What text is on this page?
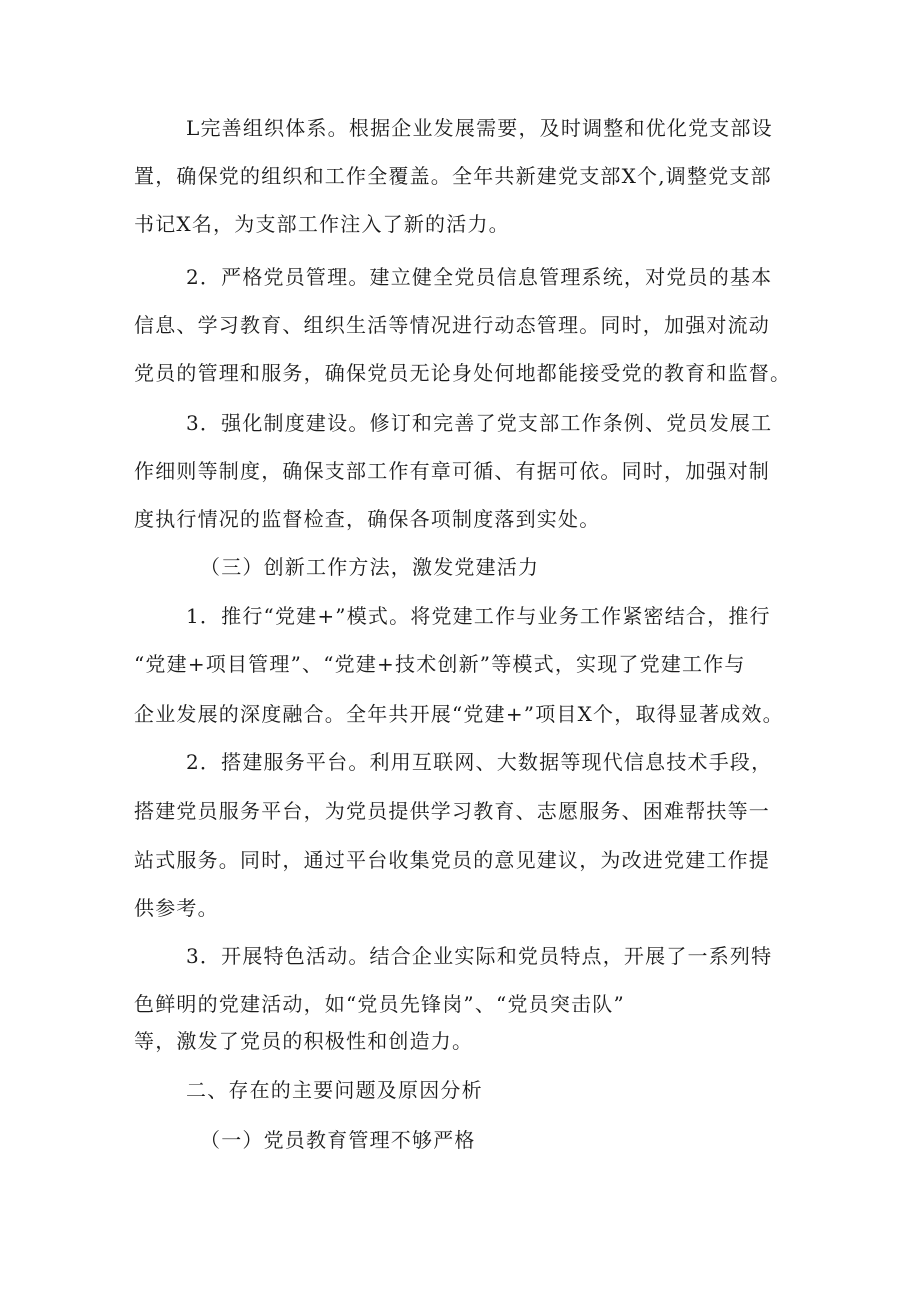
L完善组织体系。根据企业发展需要，及时调整和优化党支部设
置，确保党的组织和工作全覆盖。全年共新建党支部X个,调整党支部
书记X名，为支部工作注入了新的活力。
2．严格党员管理。建立健全党员信息管理系统，对党员的基本
信息、学习教育、组织生活等情况进行动态管理。同时，加强对流动
党员的管理和服务，确保党员无论身处何地都能接受党的教育和监督。
3．强化制度建设。修订和完善了党支部工作条例、党员发展工
作细则等制度，确保支部工作有章可循、有据可依。同时，加强对制
度执行情况的监督检查，确保各项制度落到实处。
（三）创新工作方法，激发党建活力
1．推行“党建+”模式。将党建工作与业务工作紧密结合，推行
“党建+项目管理”、“党建+技术创新”等模式，实现了党建工作与
企业发展的深度融合。全年共开展“党建+”项目X个，取得显著成效。
2．搭建服务平台。利用互联网、大数据等现代信息技术手段，
搭建党员服务平台，为党员提供学习教育、志愿服务、困难帮扶等一
站式服务。同时，通过平台收集党员的意见建议，为改进党建工作提
供参考。
3．开展特色活动。结合企业实际和党员特点，开展了一系列特
色鲜明的党建活动，如“党员先锋岗”、“党员突击队”
等，激发了党员的积极性和创造力。
二、存在的主要问题及原因分析
（一）党员教育管理不够严格
